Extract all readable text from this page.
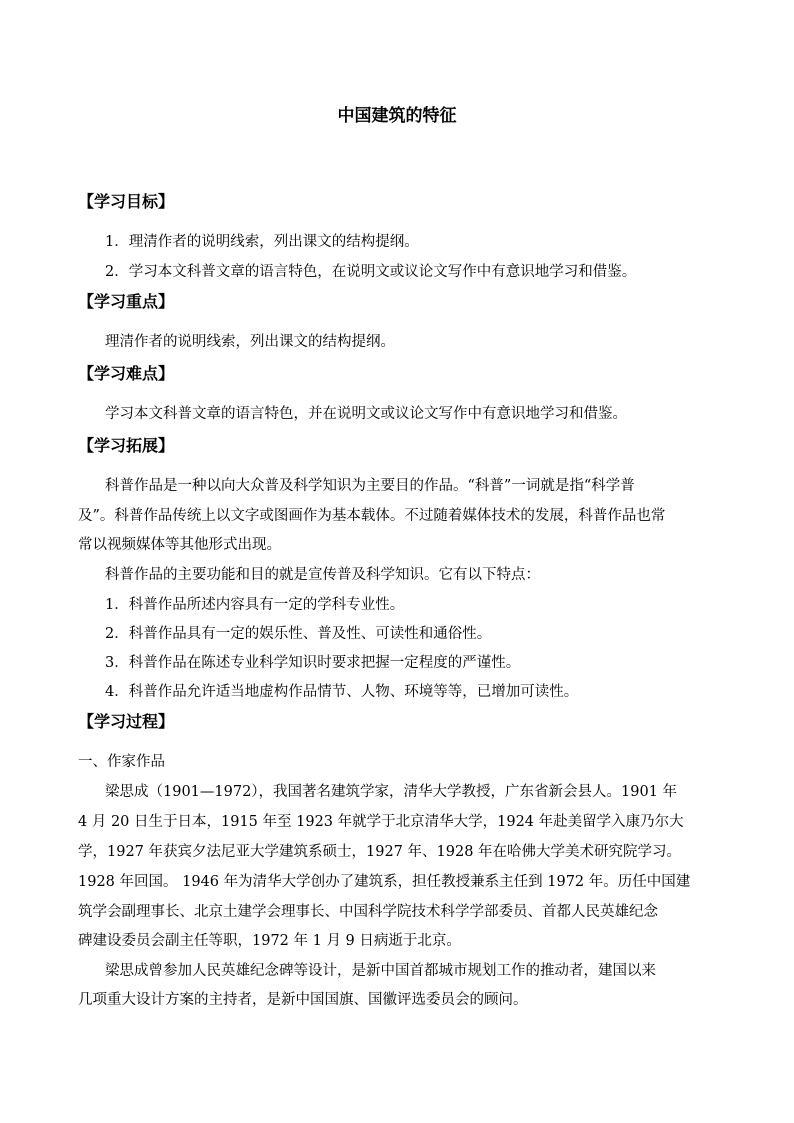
中国建筑的特征
【学习目标】
1．理清作者的说明线索，列出课文的结构提纲。
2．学习本文科普文章的语言特色，在说明文或议论文写作中有意识地学习和借鉴。
【学习重点】
理清作者的说明线索，列出课文的结构提纲。
【学习难点】
学习本文科普文章的语言特色，并在说明文或议论文写作中有意识地学习和借鉴。
【学习拓展】
科普作品是一种以向大众普及科学知识为主要目的作品。“科普”一词就是指“科学普
及”。科普作品传统上以文字或图画作为基本载体。不过随着媒体技术的发展，科普作品也常
常以视频媒体等其他形式出现。
科普作品的主要功能和目的就是宣传普及科学知识。它有以下特点：
1．科普作品所述内容具有一定的学科专业性。
2．科普作品具有一定的娱乐性、普及性、可读性和通俗性。
3．科普作品在陈述专业科学知识时要求把握一定程度的严谨性。
4．科普作品允许适当地虚构作品情节、人物、环境等等，已增加可读性。
【学习过程】
一、作家作品
梁思成（1901—1972），我国著名建筑学家，清华大学教授，广东省新会县人。1901 年
4 月 20 日生于日本，1915 年至 1923 年就学于北京清华大学，1924 年赴美留学入康乃尔大
学，1927 年获宾夕法尼亚大学建筑系硕士，1927 年、1928 年在哈佛大学美术研究院学习。
1928 年回国。 1946 年为清华大学创办了建筑系，担任教授兼系主任到 1972 年。历任中国建
筑学会副理事长、北京土建学会理事长、中国科学院技术科学学部委员、首都人民英雄纪念
碑建设委员会副主任等职，1972 年 1 月 9 日病逝于北京。
梁思成曾参加人民英雄纪念碑等设计，是新中国首都城市规划工作的推动者，建国以来
几项重大设计方案的主持者，是新中国国旗、国徽评选委员会的顾问。
